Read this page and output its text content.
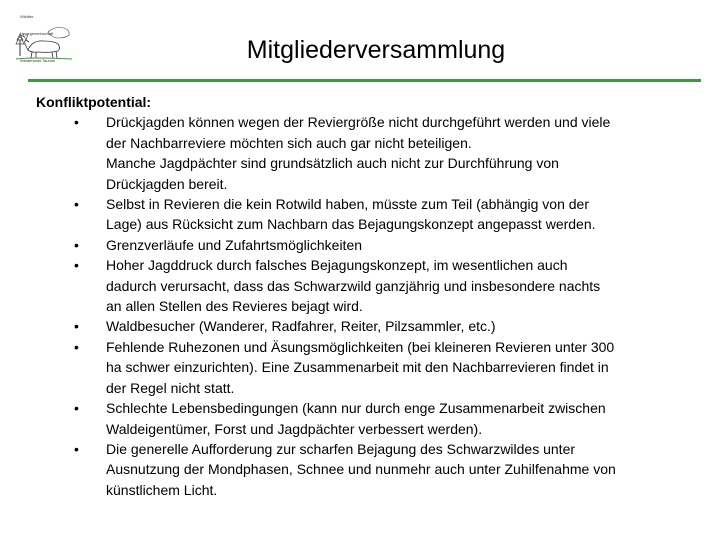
Wildtier-
Hegegemeinschaft
Westerwald-Taunus	Mitgliederversammlung
Konfliktpotential:
• Drückjagden können wegen der Reviergröße nicht durchgeführt werden und viele
der Nachbarreviere möchten sich auch gar nicht beteiligen.
Manche Jagdpächter sind grundsätzlich auch nicht zur Durchführung von
Drückjagden bereit.
• Selbst in Revieren die kein Rotwild haben, müsste zum Teil (abhängig von der
Lage) aus Rücksicht zum Nachbarn das Bejagungskonzept angepasst werden.
• Grenzverläufe und Zufahrtsmöglichkeiten
• Hoher Jagddruck durch falsches Bejagungskonzept, im wesentlichen auch
dadurch verursacht, dass das Schwarzwild ganzjährig und insbesondere nachts
an allen Stellen des Revieres bejagt wird.
• Waldbesucher (Wanderer, Radfahrer, Reiter, Pilzsammler, etc.)
• Fehlende Ruhezonen und Äsungsmöglichkeiten (bei kleineren Revieren unter 300
ha schwer einzurichten). Eine Zusammenarbeit mit den Nachbarrevieren findet in
der Regel nicht statt.
• Schlechte Lebensbedingungen (kann nur durch enge Zusammenarbeit zwischen
Waldeigentümer, Forst und Jagdpächter verbessert werden).
• Die generelle Aufforderung zur scharfen Bejagung des Schwarzwildes unter
Ausnutzung der Mondphasen, Schnee und nunmehr auch unter Zuhilfenahme von
künstlichem Licht.
